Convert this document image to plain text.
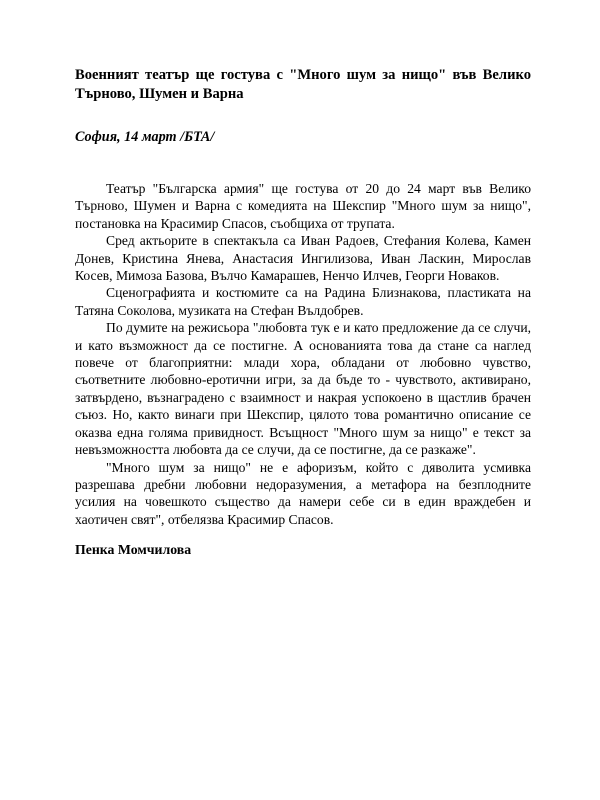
Военният театър ще гостува с "Много шум за нищо" във Велико Търново, Шумен и Варна
София, 14 март /БТА/

Театър "Българска армия" ще гостува от 20 до 24 март във Велико Търново, Шумен и Варна с комедията на Шекспир "Много шум за нищо", постановка на Красимир Спасов, съобщиха от трупата.

Сред актьорите в спектакъла са Иван Радоев, Стефания Колева, Камен Донев, Кристина Янева, Анастасия Ингилизова, Иван Ласкин, Мирослав Косев, Мимоза Базова, Вълчо Камарашев, Ненчо Илчев, Георги Новаков.

Сценографията и костюмите са на Радина Близнакова, пластиката на Татяна Соколова, музиката на Стефан Вълдобрев.

По думите на режисьора "любовта тук е и като предложение да се случи, и като възможност да се постигне. А основанията това да стане са наглед повече от благоприятни: млади хора, обладани от любовно чувство, съответните любовно-еротични игри, за да бъде то - чувството, активирано, затвърдено, възнаградено с взаимност и накрая успокоено в щастлив брачен съюз. Но, както винаги при Шекспир, цялото това романтично описание се оказва една голяма привидност. Всъщност "Много шум за нищо" е текст за невъзможността любовта да се случи, да се постигне, да се разкаже".

"Много шум за нищо" не е афоризъм, който с дяволита усмивка разрешава дребни любовни недоразумения, а метафора на безплодните усилия на човешкото същество да намери себе си в един враждебен и хаотичен свят", отбелязва Красимир Спасов.

Пенка Момчилова
